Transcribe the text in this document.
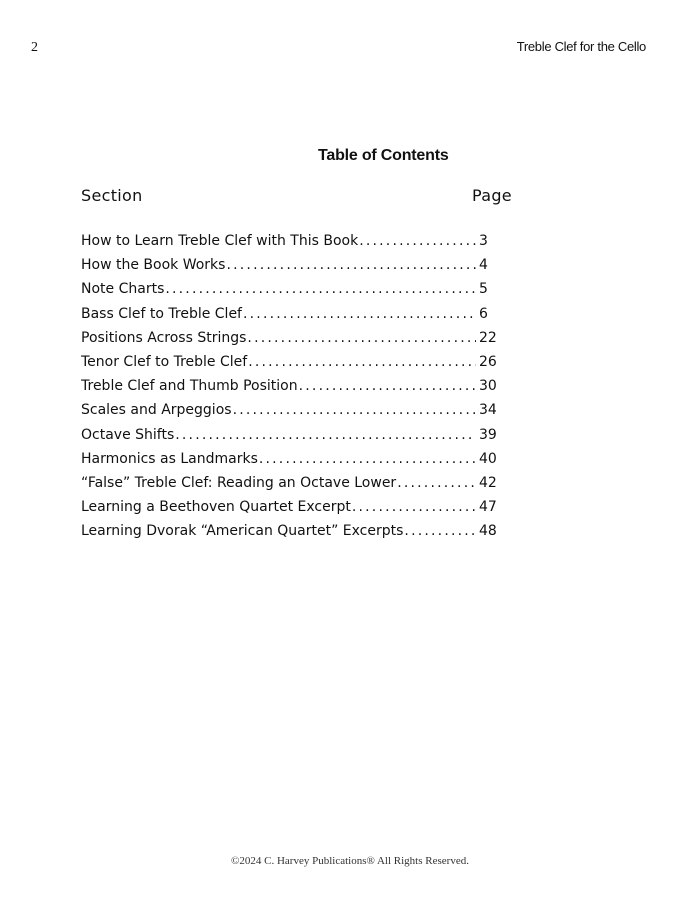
2	Treble Clef for the Cello
Table of Contents
Section	Page
How to Learn Treble Clef with This Book .....	3
How the Book Works .....	4
Note Charts .....	5
Bass Clef to Treble Clef .....	6
Positions Across Strings .....	22
Tenor Clef to Treble Clef .....	26
Treble Clef and Thumb Position .....	30
Scales and Arpeggios .....	34
Octave Shifts .....	39
Harmonics as Landmarks .....	40
“False” Treble Clef: Reading an Octave Lower .....	42
Learning a Beethoven Quartet Excerpt .....	47
Learning Dvorak “American Quartet” Excerpts .....	48
©2024 C. Harvey Publications® All Rights Reserved.
